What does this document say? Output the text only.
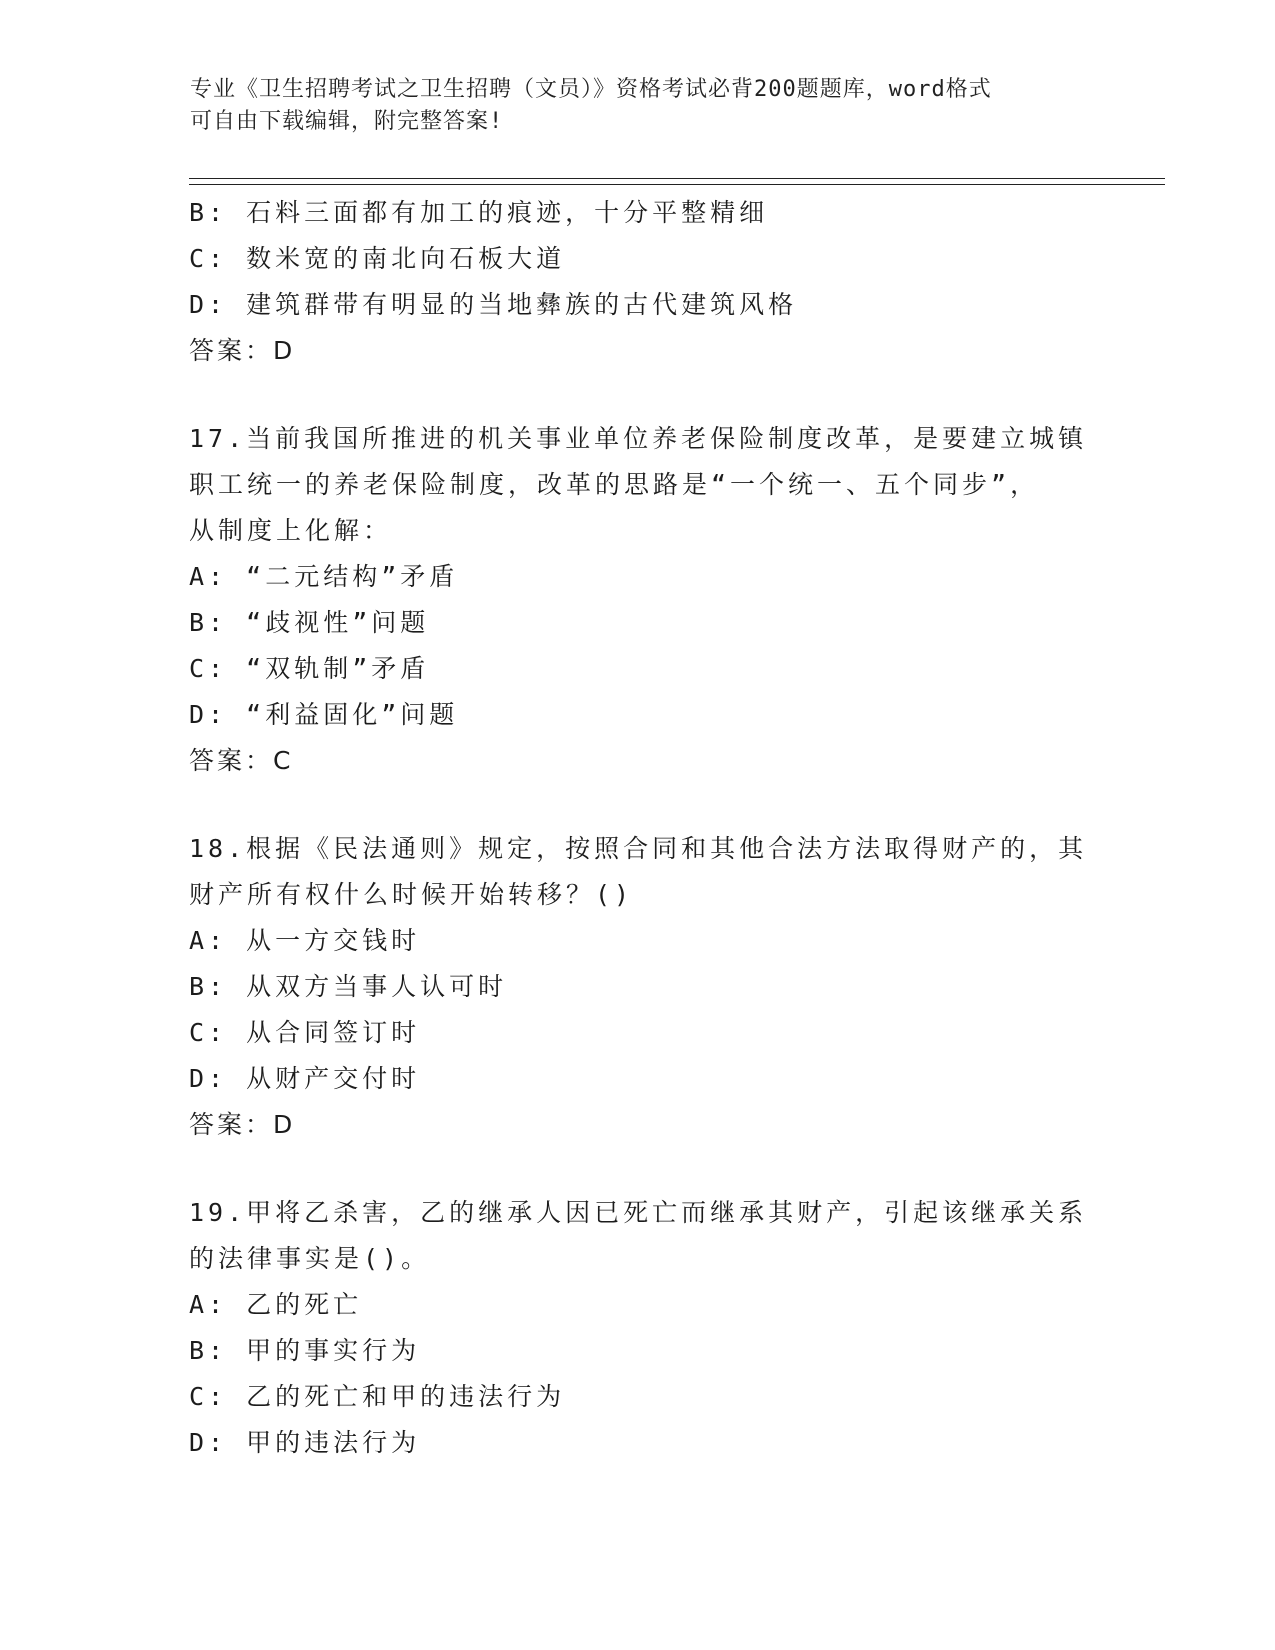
专业《卫生招聘考试之卫生招聘（文员）》资格考试必背200题题库，word格式
可自由下载编辑，附完整答案!
B: 石料三面都有加工的痕迹，十分平整精细
C: 数米宽的南北向石板大道
D: 建筑群带有明显的当地彝族的古代建筑风格
答案：D
17.当前我国所推进的机关事业单位养老保险制度改革，是要建立城镇
职工统一的养老保险制度，改革的思路是“一个统一、五个同步”，
从制度上化解：
A: “二元结构”矛盾
B: “歧视性”问题
C: “双轨制”矛盾
D: “利益固化”问题
答案：C
18.根据《民法通则》规定，按照合同和其他合法方法取得财产的，其
财产所有权什么时候开始转移？()
A: 从一方交钱时
B: 从双方当事人认可时
C: 从合同签订时
D: 从财产交付时
答案：D
19.甲将乙杀害，乙的继承人因已死亡而继承其财产，引起该继承关系
的法律事实是()。
A: 乙的死亡
B: 甲的事实行为
C: 乙的死亡和甲的违法行为
D: 甲的违法行为
